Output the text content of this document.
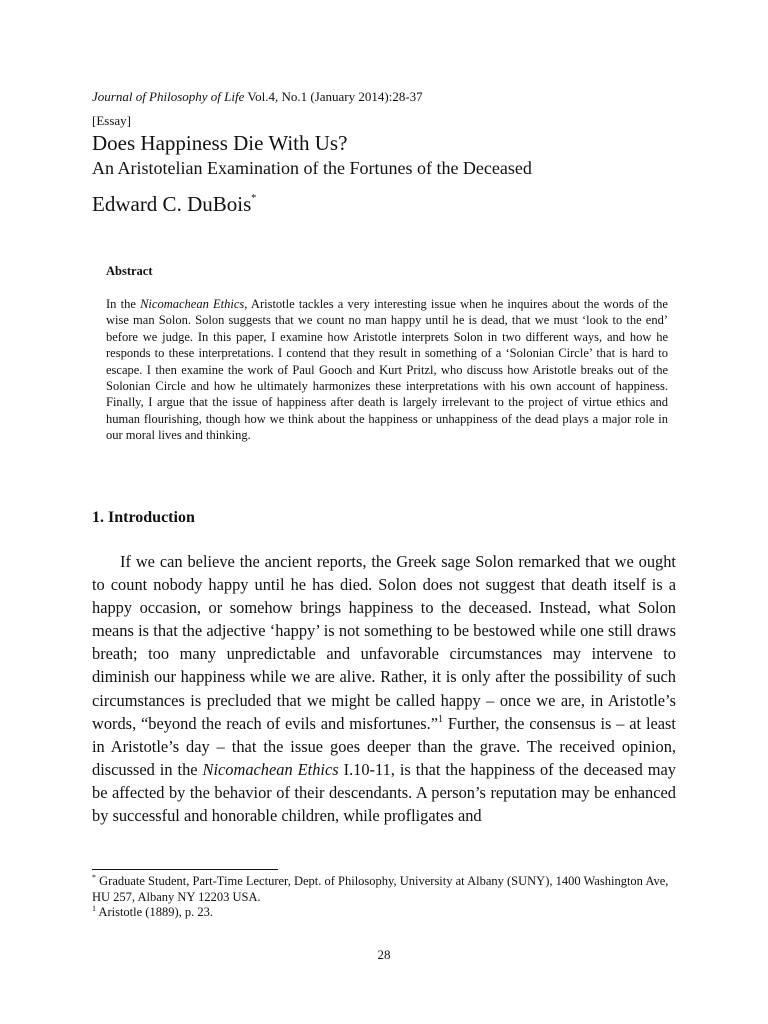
Journal of Philosophy of Life Vol.4, No.1 (January 2014):28-37
[Essay]
Does Happiness Die With Us?
An Aristotelian Examination of the Fortunes of the Deceased
Edward C. DuBois*
Abstract
In the Nicomachean Ethics, Aristotle tackles a very interesting issue when he inquires about the words of the wise man Solon. Solon suggests that we count no man happy until he is dead, that we must ‘look to the end’ before we judge. In this paper, I examine how Aristotle interprets Solon in two different ways, and how he responds to these interpretations. I contend that they result in something of a ‘Solonian Circle’ that is hard to escape. I then examine the work of Paul Gooch and Kurt Pritzl, who discuss how Aristotle breaks out of the Solonian Circle and how he ultimately harmonizes these interpretations with his own account of happiness. Finally, I argue that the issue of happiness after death is largely irrelevant to the project of virtue ethics and human flourishing, though how we think about the happiness or unhappiness of the dead plays a major role in our moral lives and thinking.
1. Introduction
If we can believe the ancient reports, the Greek sage Solon remarked that we ought to count nobody happy until he has died. Solon does not suggest that death itself is a happy occasion, or somehow brings happiness to the deceased. Instead, what Solon means is that the adjective ‘happy’ is not something to be bestowed while one still draws breath; too many unpredictable and unfavorable circumstances may intervene to diminish our happiness while we are alive. Rather, it is only after the possibility of such circumstances is precluded that we might be called happy – once we are, in Aristotle’s words, “beyond the reach of evils and misfortunes.”$^1$ Further, the consensus is – at least in Aristotle’s day – that the issue goes deeper than the grave. The received opinion, discussed in the Nicomachean Ethics I.10-11, is that the happiness of the deceased may be affected by the behavior of their descendants. A person’s reputation may be enhanced by successful and honorable children, while profligates and

* Graduate Student, Part-Time Lecturer, Dept. of Philosophy, University at Albany (SUNY), 1400 Washington Ave, HU 257, Albany NY 12203 USA.

$^1$ Aristotle (1889), p. 23.

28
